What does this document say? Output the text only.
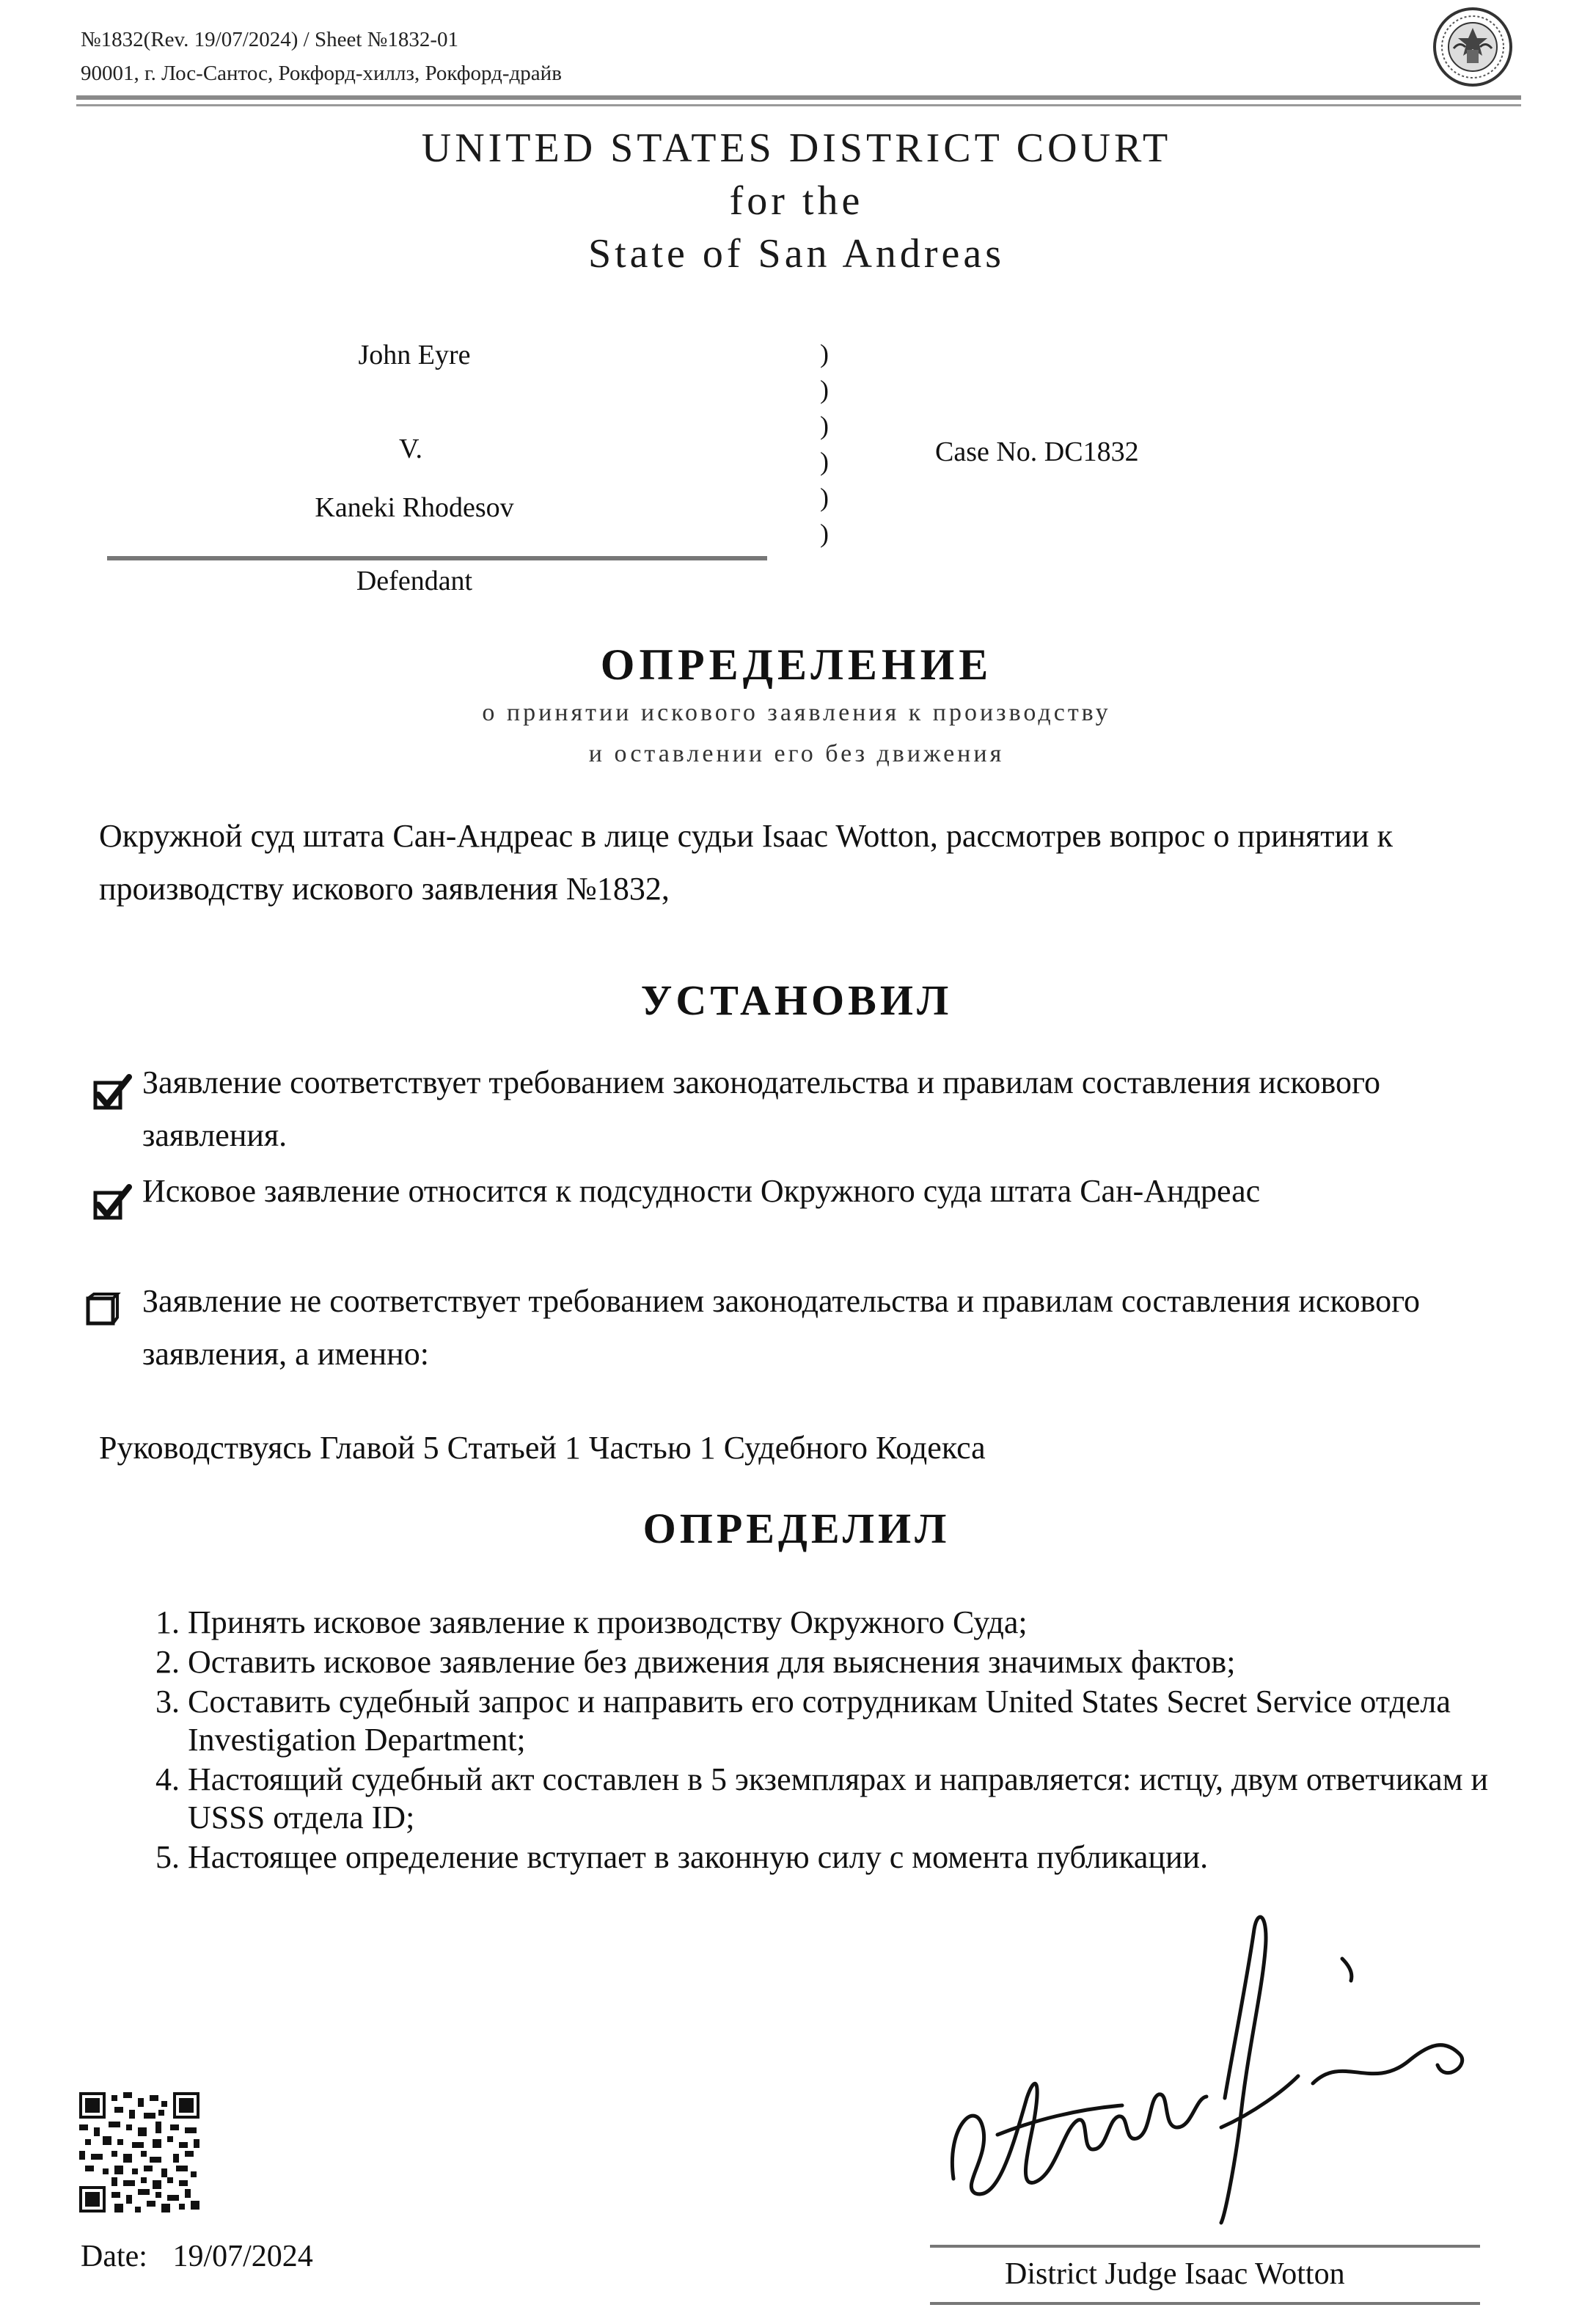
№1832(Rev. 19/07/2024) / Sheet №1832-01
90001, г. Лос-Сантос, Рокфорд-хиллз, Рокфорд-драйв
UNITED STATES DISTRICT COURT
for the
State of San Andreas
John Eyre
V.
Kaneki Rhodesov
Defendant
)
)
)
)
)
)
Case No. DC1832
ОПРЕДЕЛЕНИЕ
о принятии искового заявления к производству
и оставлении его без движения
Окружной суд штата Сан-Андреас в лице судьи Isaac Wotton, рассмотрев вопрос о принятии к производству искового заявления №1832,
УСТАНОВИЛ
Заявление соответствует требованием законодательства и правилам составления искового заявления.
Исковое заявление относится к подсудности Окружного суда штата Сан-Андреас
Заявление не соответствует требованием законодательства и правилам составления искового заявления, а именно:
Руководствуясь Главой 5 Статьей 1 Частью 1 Судебного Кодекса
ОПРЕДЕЛИЛ
1. Принять исковое заявление к производству Окружного Суда;
2. Оставить исковое заявление без движения для выяснения значимых фактов;
3. Составить судебный запрос и направить его сотрудникам United States Secret Service отдела Investigation Department;
4. Настоящий судебный акт составлен в 5 экземплярах и направляется: истцу, двум ответчикам и USSS отдела ID;
5. Настоящее определение вступает в законную силу с момента публикации.
Date: 19/07/2024
District Judge Isaac Wotton
